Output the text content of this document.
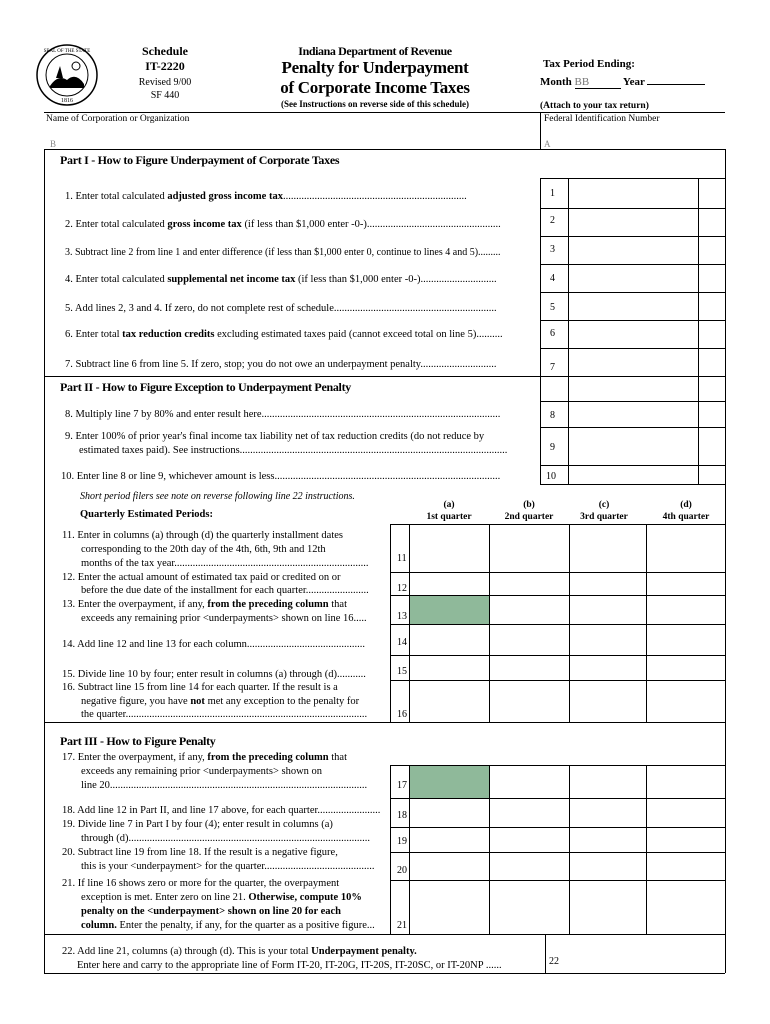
SEAL OF THE STATE
1816
Schedule
IT-2220
Revised 9/00
SF 440
Indiana Department of Revenue
Penalty for Underpayment
of Corporate Income Taxes
(See Instructions on reverse side of this schedule)
Tax Period Ending:
Month BB	Year
(Attach to your tax return)
Name of Corporation or Organization
B
Federal Identification Number
A
Part I - How to Figure Underpayment of Corporate Taxes
1. Enter total calculated adjusted gross income tax......................................................................	1
2. Enter total calculated gross income tax (if less than $1,000 enter -0-)...................................................	2
3. Subtract line 2 from line 1 and enter difference (if less than $1,000 enter 0, continue to lines 4 and 5).........	3
4. Enter total calculated supplemental net income tax (if less than $1,000 enter -0-).............................	4
5. Add lines 2, 3 and 4. If zero, do not complete rest of schedule..............................................................	5
6. Enter total tax reduction credits excluding estimated taxes paid (cannot exceed total on line 5)..........	6
7. Subtract line 6 from line 5. If zero, stop; you do not owe an underpayment penalty.............................	7
Part II - How to Figure Exception to Underpayment Penalty
8. Multiply line 7 by 80% and enter result here...........................................................................................	8
9. Enter 100% of prior year's final income tax liability net of tax reduction credits (do not reduce by
estimated taxes paid). See instructions......................................................................................................	9
10. Enter line 8 or line 9, whichever amount is less......................................................................................	10
Short period filers see note on reverse following line 22 instructions.
Quarterly Estimated Periods:
(a)
1st quarter
(b)
2nd quarter
(c)
3rd quarter
(d)
4th quarter
11. Enter in columns (a) through (d) the quarterly installment dates
corresponding to the 20th day of the 4th, 6th, 9th and 12th
months of the tax year..........................................................................	11
12. Enter the actual amount of estimated tax paid or credited on or
before the due date of the installment for each quarter........................	12
13. Enter the overpayment, if any, from the preceding column that
exceeds any remaining prior <underpayments> shown on line 16.....	13
14. Add line 12 and line 13 for each column.............................................	14
15. Divide line 10 by four; enter result in columns (a) through (d)...........	15
16. Subtract line 15 from line 14 for each quarter. If the result is a
negative figure, you have not met any exception to the penalty for
the quarter............................................................................................	16
Part III - How to Figure Penalty
17. Enter the overpayment, if any, from the preceding column that
exceeds any remaining prior <underpayments> shown on
line 20..................................................................................................	17
18. Add line 12 in Part II, and line 17 above, for each quarter........................ 18
19. Divide line 7 in Part I by four (4); enter result in columns (a)
through (d)............................................................................................	19
20. Subtract line 19 from line 18. If the result is a negative figure,
this is your <underpayment> for the quarter.......................................... 20
21. If line 16 shows zero or more for the quarter, the overpayment
exception is met. Enter zero on line 21. Otherwise, compute 10%
penalty on the <underpayment> shown on line 20 for each
column. Enter the penalty, if any, for the quarter as a positive figure... 21
22. Add line 21, columns (a) through (d). This is your total Underpayment penalty.
Enter here and carry to the appropriate line of Form IT-20, IT-20G, IT-20S, IT-20SC, or IT-20NP ......	22
